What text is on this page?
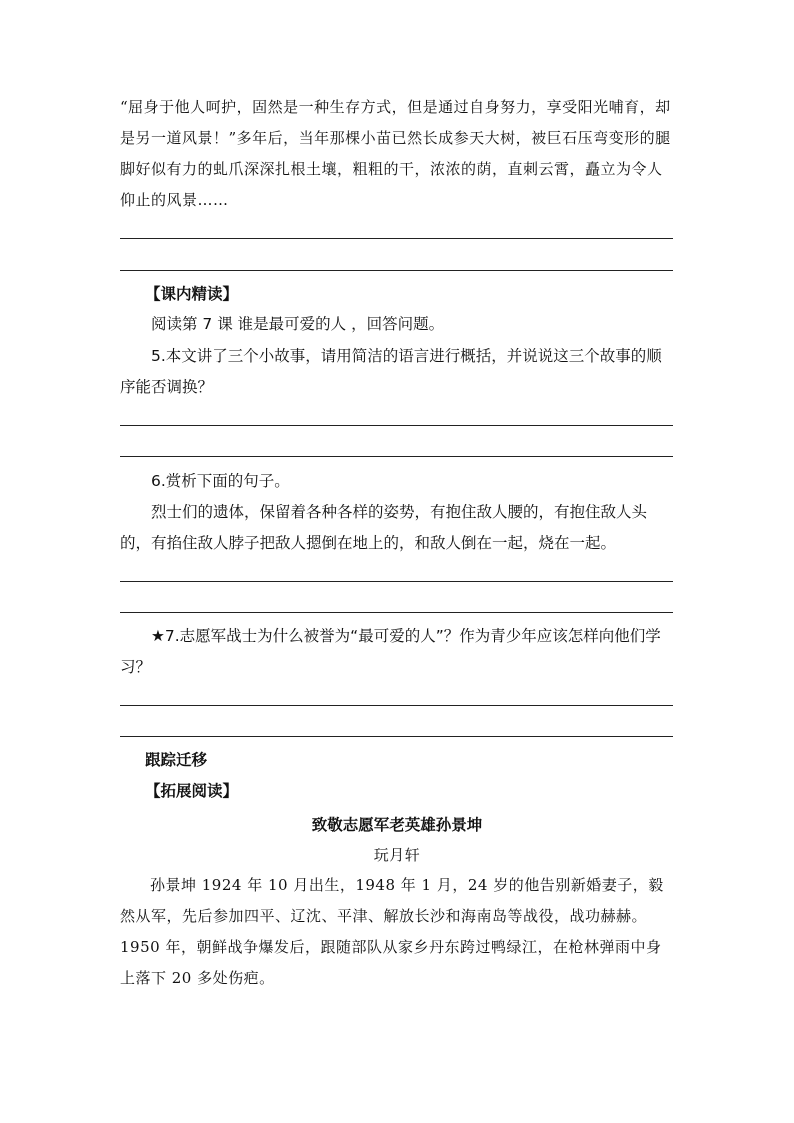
“屈身于他人呵护，固然是一种生存方式，但是通过自身努力，享受阳光哺育，却是另一道风景！”多年后，当年那棵小苗已然长成参天大树，被巨石压弯变形的腿脚好似有力的虬爪深深扎根土壤，粗粗的干，浓浓的荫，直刺云霄，矗立为令人仰止的风景……

【课内精读】

阅读第 7 课 谁是最可爱的人 ，回答问题。

5.本文讲了三个小故事，请用简洁的语言进行概括，并说说这三个故事的顺序能否调换？

6.赏析下面的句子。

烈士们的遗体，保留着各种各样的姿势，有抱住敌人腰的，有抱住敌人头的，有掐住敌人脖子把敌人摁倒在地上的，和敌人倒在一起，烧在一起。

★7.志愿军战士为什么被誉为“最可爱的人”？作为青少年应该怎样向他们学习？

跟踪迁移

【拓展阅读】

致敬志愿军老英雄孙景坤

玩月轩

孙景坤 1924 年 10 月出生，1948 年 1 月，24 岁的他告别新婚妻子，毅然从军，先后参加四平、辽沈、平津、解放长沙和海南岛等战役，战功赫赫。1950 年，朝鲜战争爆发后，跟随部队从家乡丹东跨过鸭绿江，在枪林弹雨中身上落下 20 多处伤疤。
